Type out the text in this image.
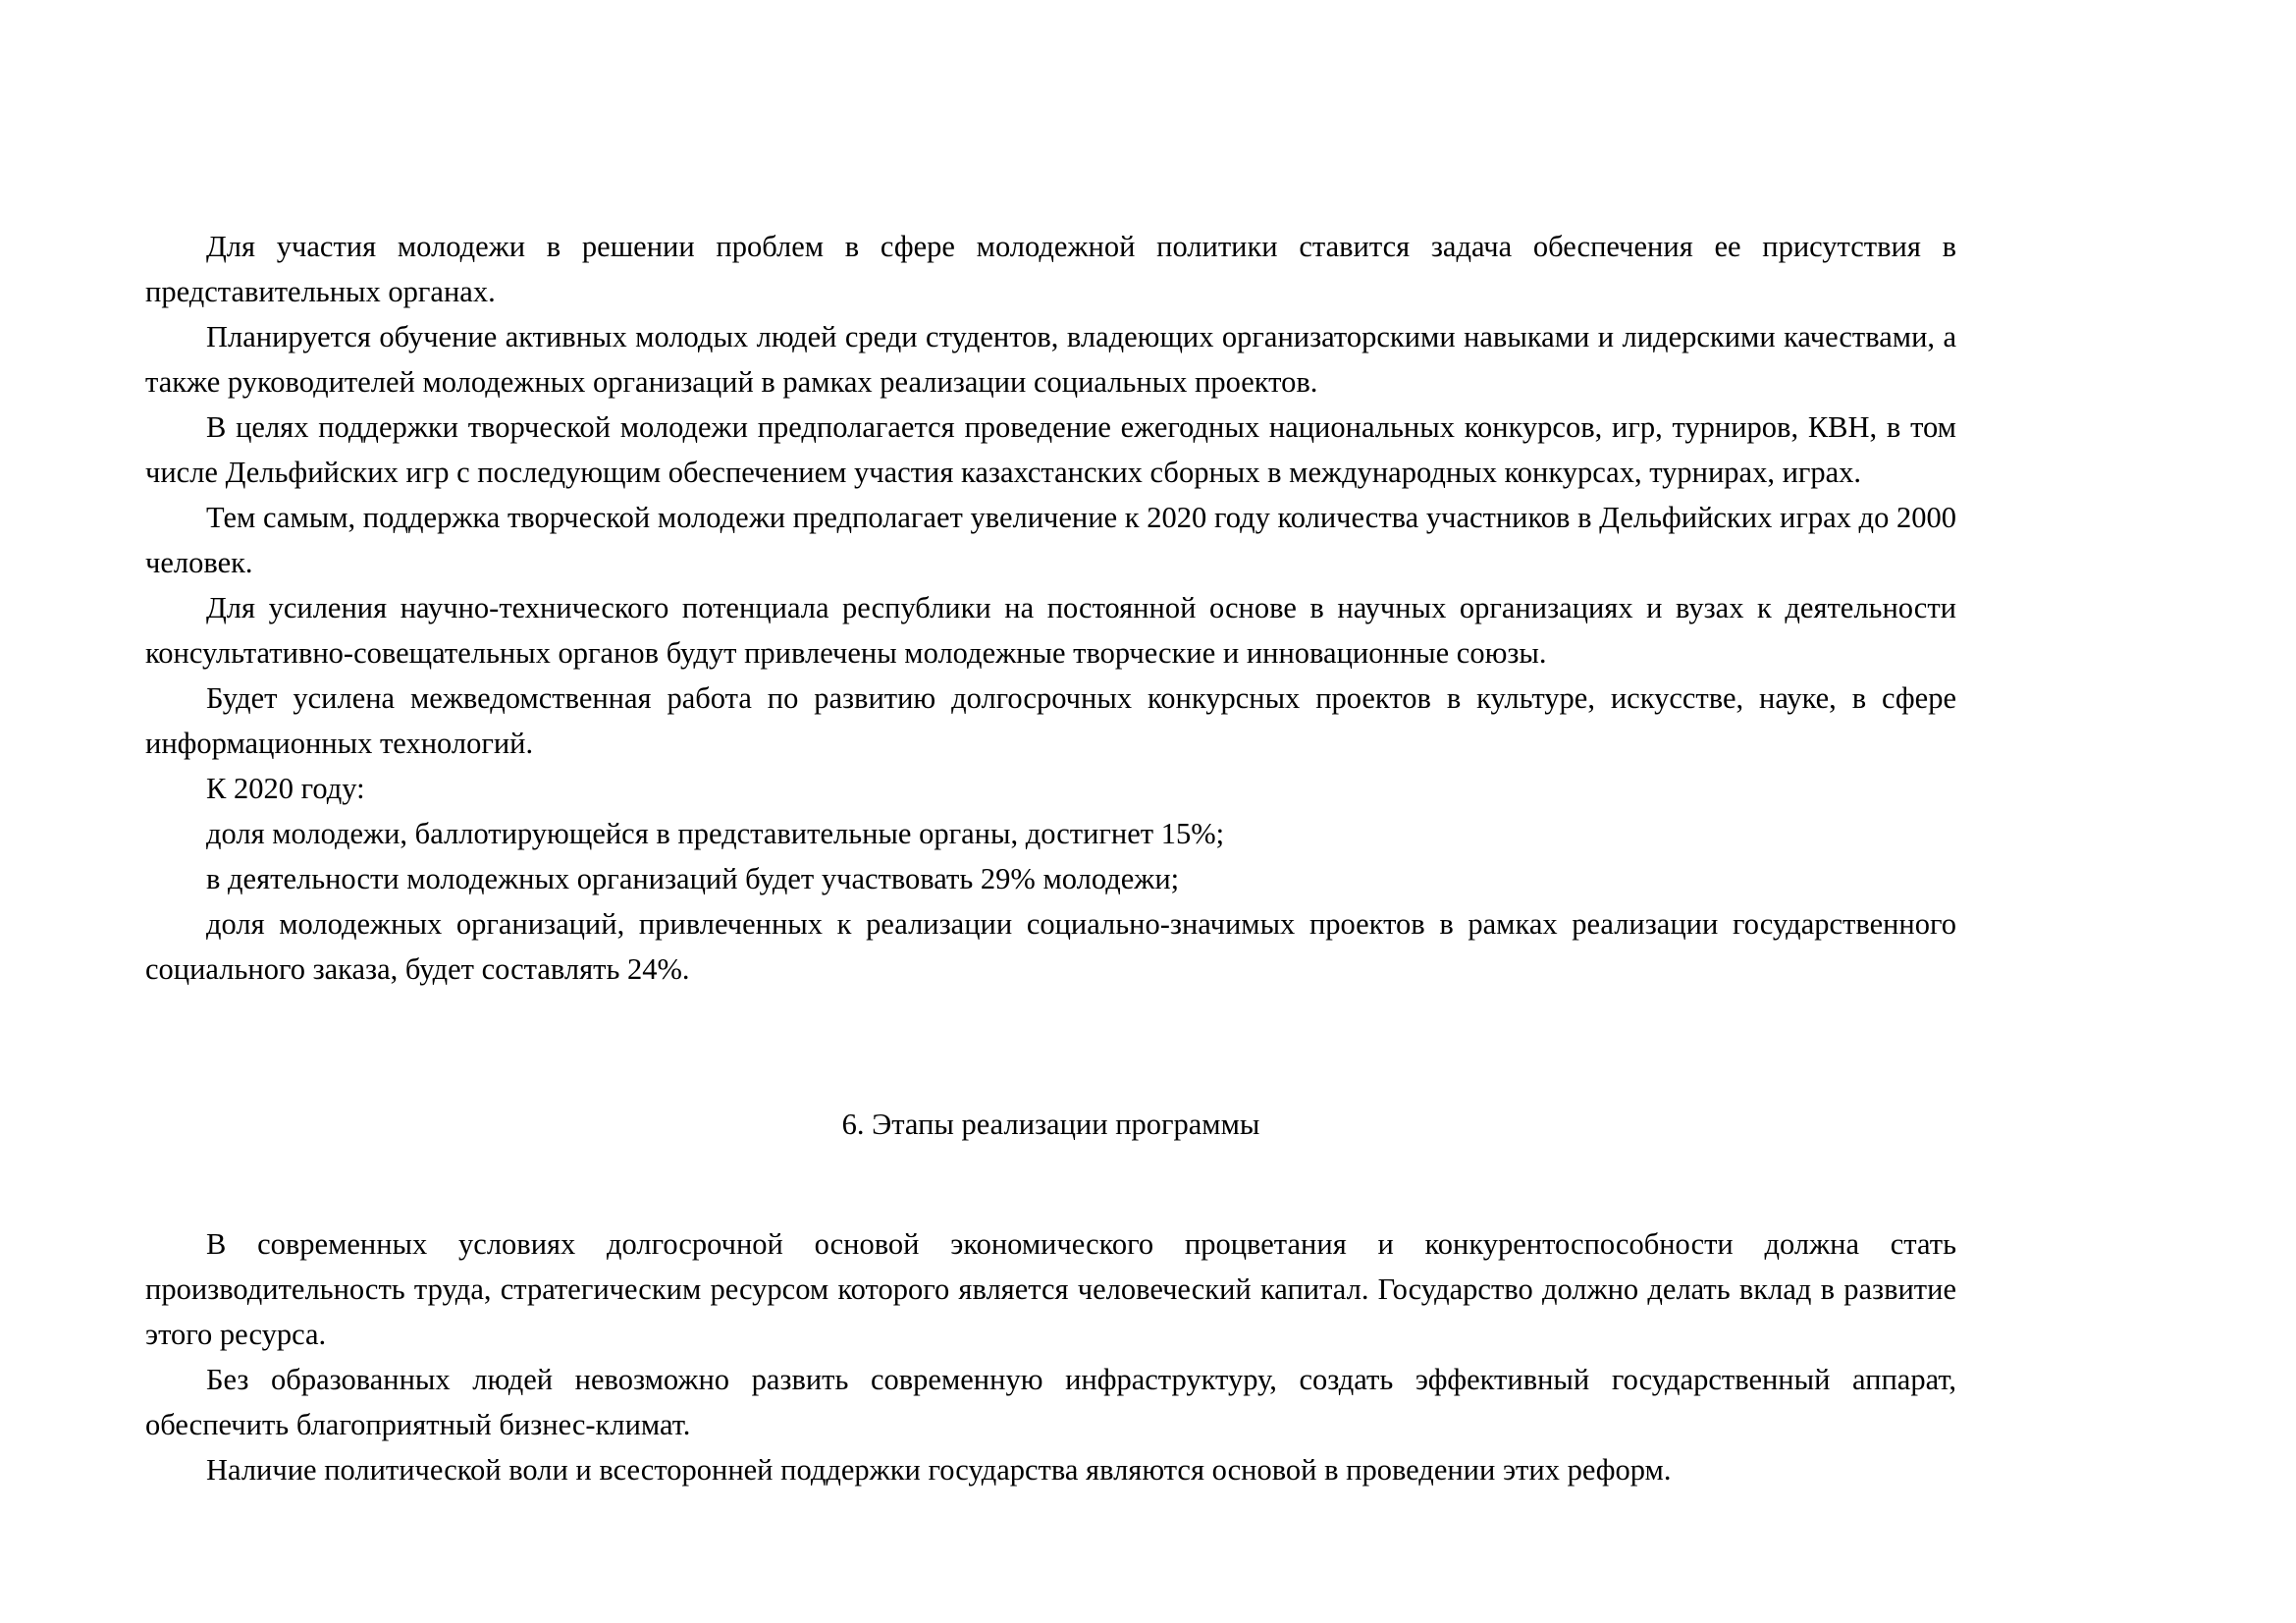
Для участия молодежи в решении проблем в сфере молодежной политики ставится задача обеспечения ее присутствия в представительных органах.

Планируется обучение активных молодых людей среди студентов, владеющих организаторскими навыками и лидерскими качествами, а также руководителей молодежных организаций в рамках реализации социальных проектов.

В целях поддержки творческой молодежи предполагается проведение ежегодных национальных конкурсов, игр, турниров, КВН, в том числе Дельфийских игр с последующим обеспечением участия казахстанских сборных в международных конкурсах, турнирах, играх.

Тем самым, поддержка творческой молодежи предполагает увеличение к 2020 году количества участников в Дельфийских играх до 2000 человек.

Для усиления научно-технического потенциала республики на постоянной основе в научных организациях и вузах к деятельности консультативно-совещательных органов будут привлечены молодежные творческие и инновационные союзы.

Будет усилена межведомственная работа по развитию долгосрочных конкурсных проектов в культуре, искусстве, науке, в сфере информационных технологий.

К 2020 году:

доля молодежи, баллотирующейся в представительные органы, достигнет 15%;

в деятельности молодежных организаций будет участвовать 29% молодежи;

доля молодежных организаций, привлеченных к реализации социально-значимых проектов в рамках реализации государственного социального заказа, будет составлять 24%.

6. Этапы реализации программы

В современных условиях долгосрочной основой экономического процветания и конкурентоспособности должна стать производительность труда, стратегическим ресурсом которого является человеческий капитал. Государство должно делать вклад в развитие этого ресурса.

Без образованных людей невозможно развить современную инфраструктуру, создать эффективный государственный аппарат, обеспечить благоприятный бизнес-климат.

Наличие политической воли и всесторонней поддержки государства являются основой в проведении этих реформ.
